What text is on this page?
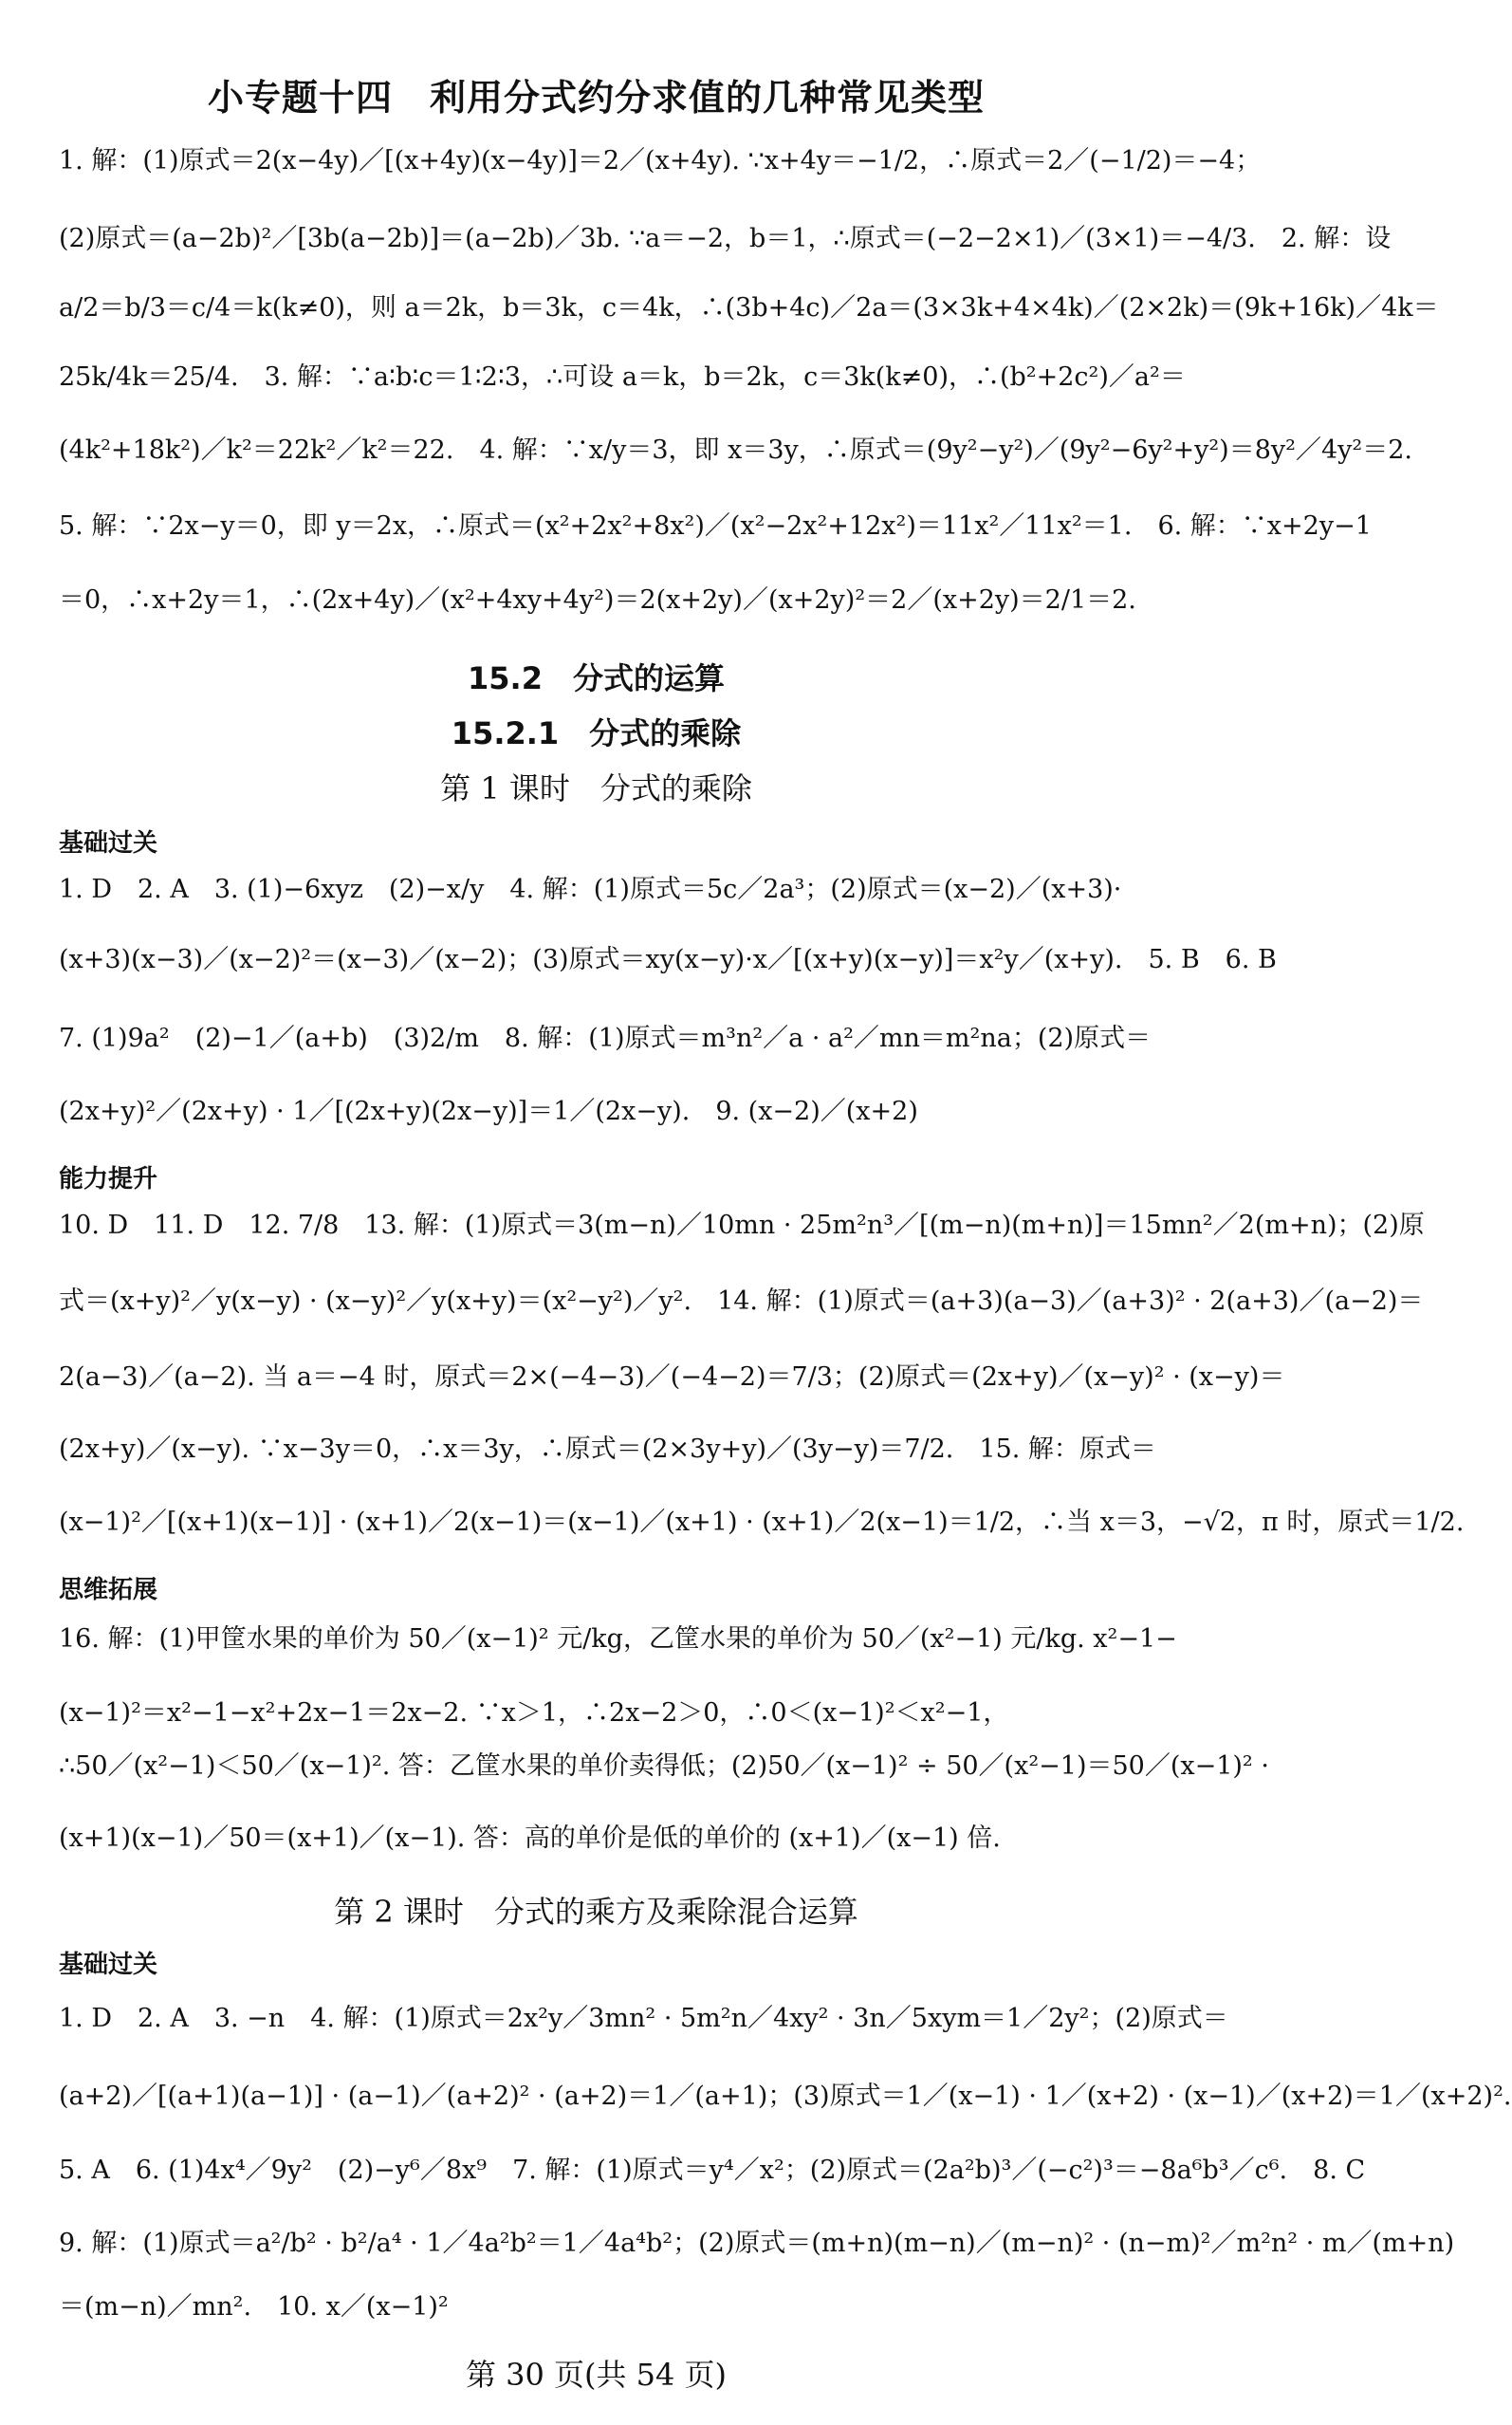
小专题十四　利用分式约分求值的几种常见类型
1. 解：(1)原式＝2(x−4y)／[(x+4y)(x−4y)]＝2／(x+4y). ∵x+4y＝−1/2，∴原式＝2／(−1/2)＝−4；
(2)原式＝(a−2b)²／[3b(a−2b)]＝(a−2b)／3b. ∵a＝−2，b＝1，∴原式＝(−2−2×1)／(3×1)＝−4/3.　2. 解：设
a/2＝b/3＝c/4＝k(k≠0)，则 a＝2k，b＝3k，c＝4k，∴(3b+4c)／2a＝(3×3k+4×4k)／(2×2k)＝(9k+16k)／4k＝
25k/4k＝25/4.　3. 解：∵a∶b∶c＝1∶2∶3，∴可设 a＝k，b＝2k，c＝3k(k≠0)，∴(b²+2c²)／a²＝
(4k²+18k²)／k²＝22k²／k²＝22.　4. 解：∵x/y＝3，即 x＝3y，∴原式＝(9y²−y²)／(9y²−6y²+y²)＝8y²／4y²＝2.
5. 解：∵2x−y＝0，即 y＝2x，∴原式＝(x²+2x²+8x²)／(x²−2x²+12x²)＝11x²／11x²＝1.　6. 解：∵x+2y−1
＝0，∴x+2y＝1，∴(2x+4y)／(x²+4xy+4y²)＝2(x+2y)／(x+2y)²＝2／(x+2y)＝2/1＝2.
15.2　分式的运算
15.2.1　分式的乘除
第 1 课时　分式的乘除
基础过关
1. D　2. A　3. (1)−6xyz　(2)−x/y　4. 解：(1)原式＝5c／2a³；(2)原式＝(x−2)／(x+3)·
(x+3)(x−3)／(x−2)²＝(x−3)／(x−2)；(3)原式＝xy(x−y)·x／[(x+y)(x−y)]＝x²y／(x+y).　5. B　6. B
7. (1)9a²　(2)−1／(a+b)　(3)2/m　8. 解：(1)原式＝m³n²／a · a²／mn＝m²na；(2)原式＝
(2x+y)²／(2x+y) · 1／[(2x+y)(2x−y)]＝1／(2x−y).　9. (x−2)／(x+2)
能力提升
10. D　11. D　12. 7/8　13. 解：(1)原式＝3(m−n)／10mn · 25m²n³／[(m−n)(m+n)]＝15mn²／2(m+n)；(2)原
式＝(x+y)²／y(x−y) · (x−y)²／y(x+y)＝(x²−y²)／y².　14. 解：(1)原式＝(a+3)(a−3)／(a+3)² · 2(a+3)／(a−2)＝
2(a−3)／(a−2). 当 a＝−4 时，原式＝2×(−4−3)／(−4−2)＝7/3；(2)原式＝(2x+y)／(x−y)² · (x−y)＝
(2x+y)／(x−y). ∵x−3y＝0，∴x＝3y，∴原式＝(2×3y+y)／(3y−y)＝7/2.　15. 解：原式＝
(x−1)²／[(x+1)(x−1)] · (x+1)／2(x−1)＝(x−1)／(x+1) · (x+1)／2(x−1)＝1/2，∴当 x＝3，−√2，π 时，原式＝1/2.
思维拓展
16. 解：(1)甲筐水果的单价为 50／(x−1)² 元/kg，乙筐水果的单价为 50／(x²−1) 元/kg. x²−1−
(x−1)²＝x²−1−x²+2x−1＝2x−2. ∵x＞1，∴2x−2＞0，∴0＜(x−1)²＜x²−1，
∴50／(x²−1)＜50／(x−1)². 答：乙筐水果的单价卖得低；(2)50／(x−1)² ÷ 50／(x²−1)＝50／(x−1)² ·
(x+1)(x−1)／50＝(x+1)／(x−1). 答：高的单价是低的单价的 (x+1)／(x−1) 倍.
第 2 课时　分式的乘方及乘除混合运算
基础过关
1. D　2. A　3. −n　4. 解：(1)原式＝2x²y／3mn² · 5m²n／4xy² · 3n／5xym＝1／2y²；(2)原式＝
(a+2)／[(a+1)(a−1)] · (a−1)／(a+2)² · (a+2)＝1／(a+1)；(3)原式＝1／(x−1) · 1／(x+2) · (x−1)／(x+2)＝1／(x+2)².
5. A　6. (1)4x⁴／9y²　(2)−y⁶／8x⁹　7. 解：(1)原式＝y⁴／x²；(2)原式＝(2a²b)³／(−c²)³＝−8a⁶b³／c⁶.　8. C
9. 解：(1)原式＝a²/b² · b²/a⁴ · 1／4a²b²＝1／4a⁴b²；(2)原式＝(m+n)(m−n)／(m−n)² · (n−m)²／m²n² · m／(m+n)
＝(m−n)／mn².　10. x／(x−1)²
第 30 页(共 54 页)
